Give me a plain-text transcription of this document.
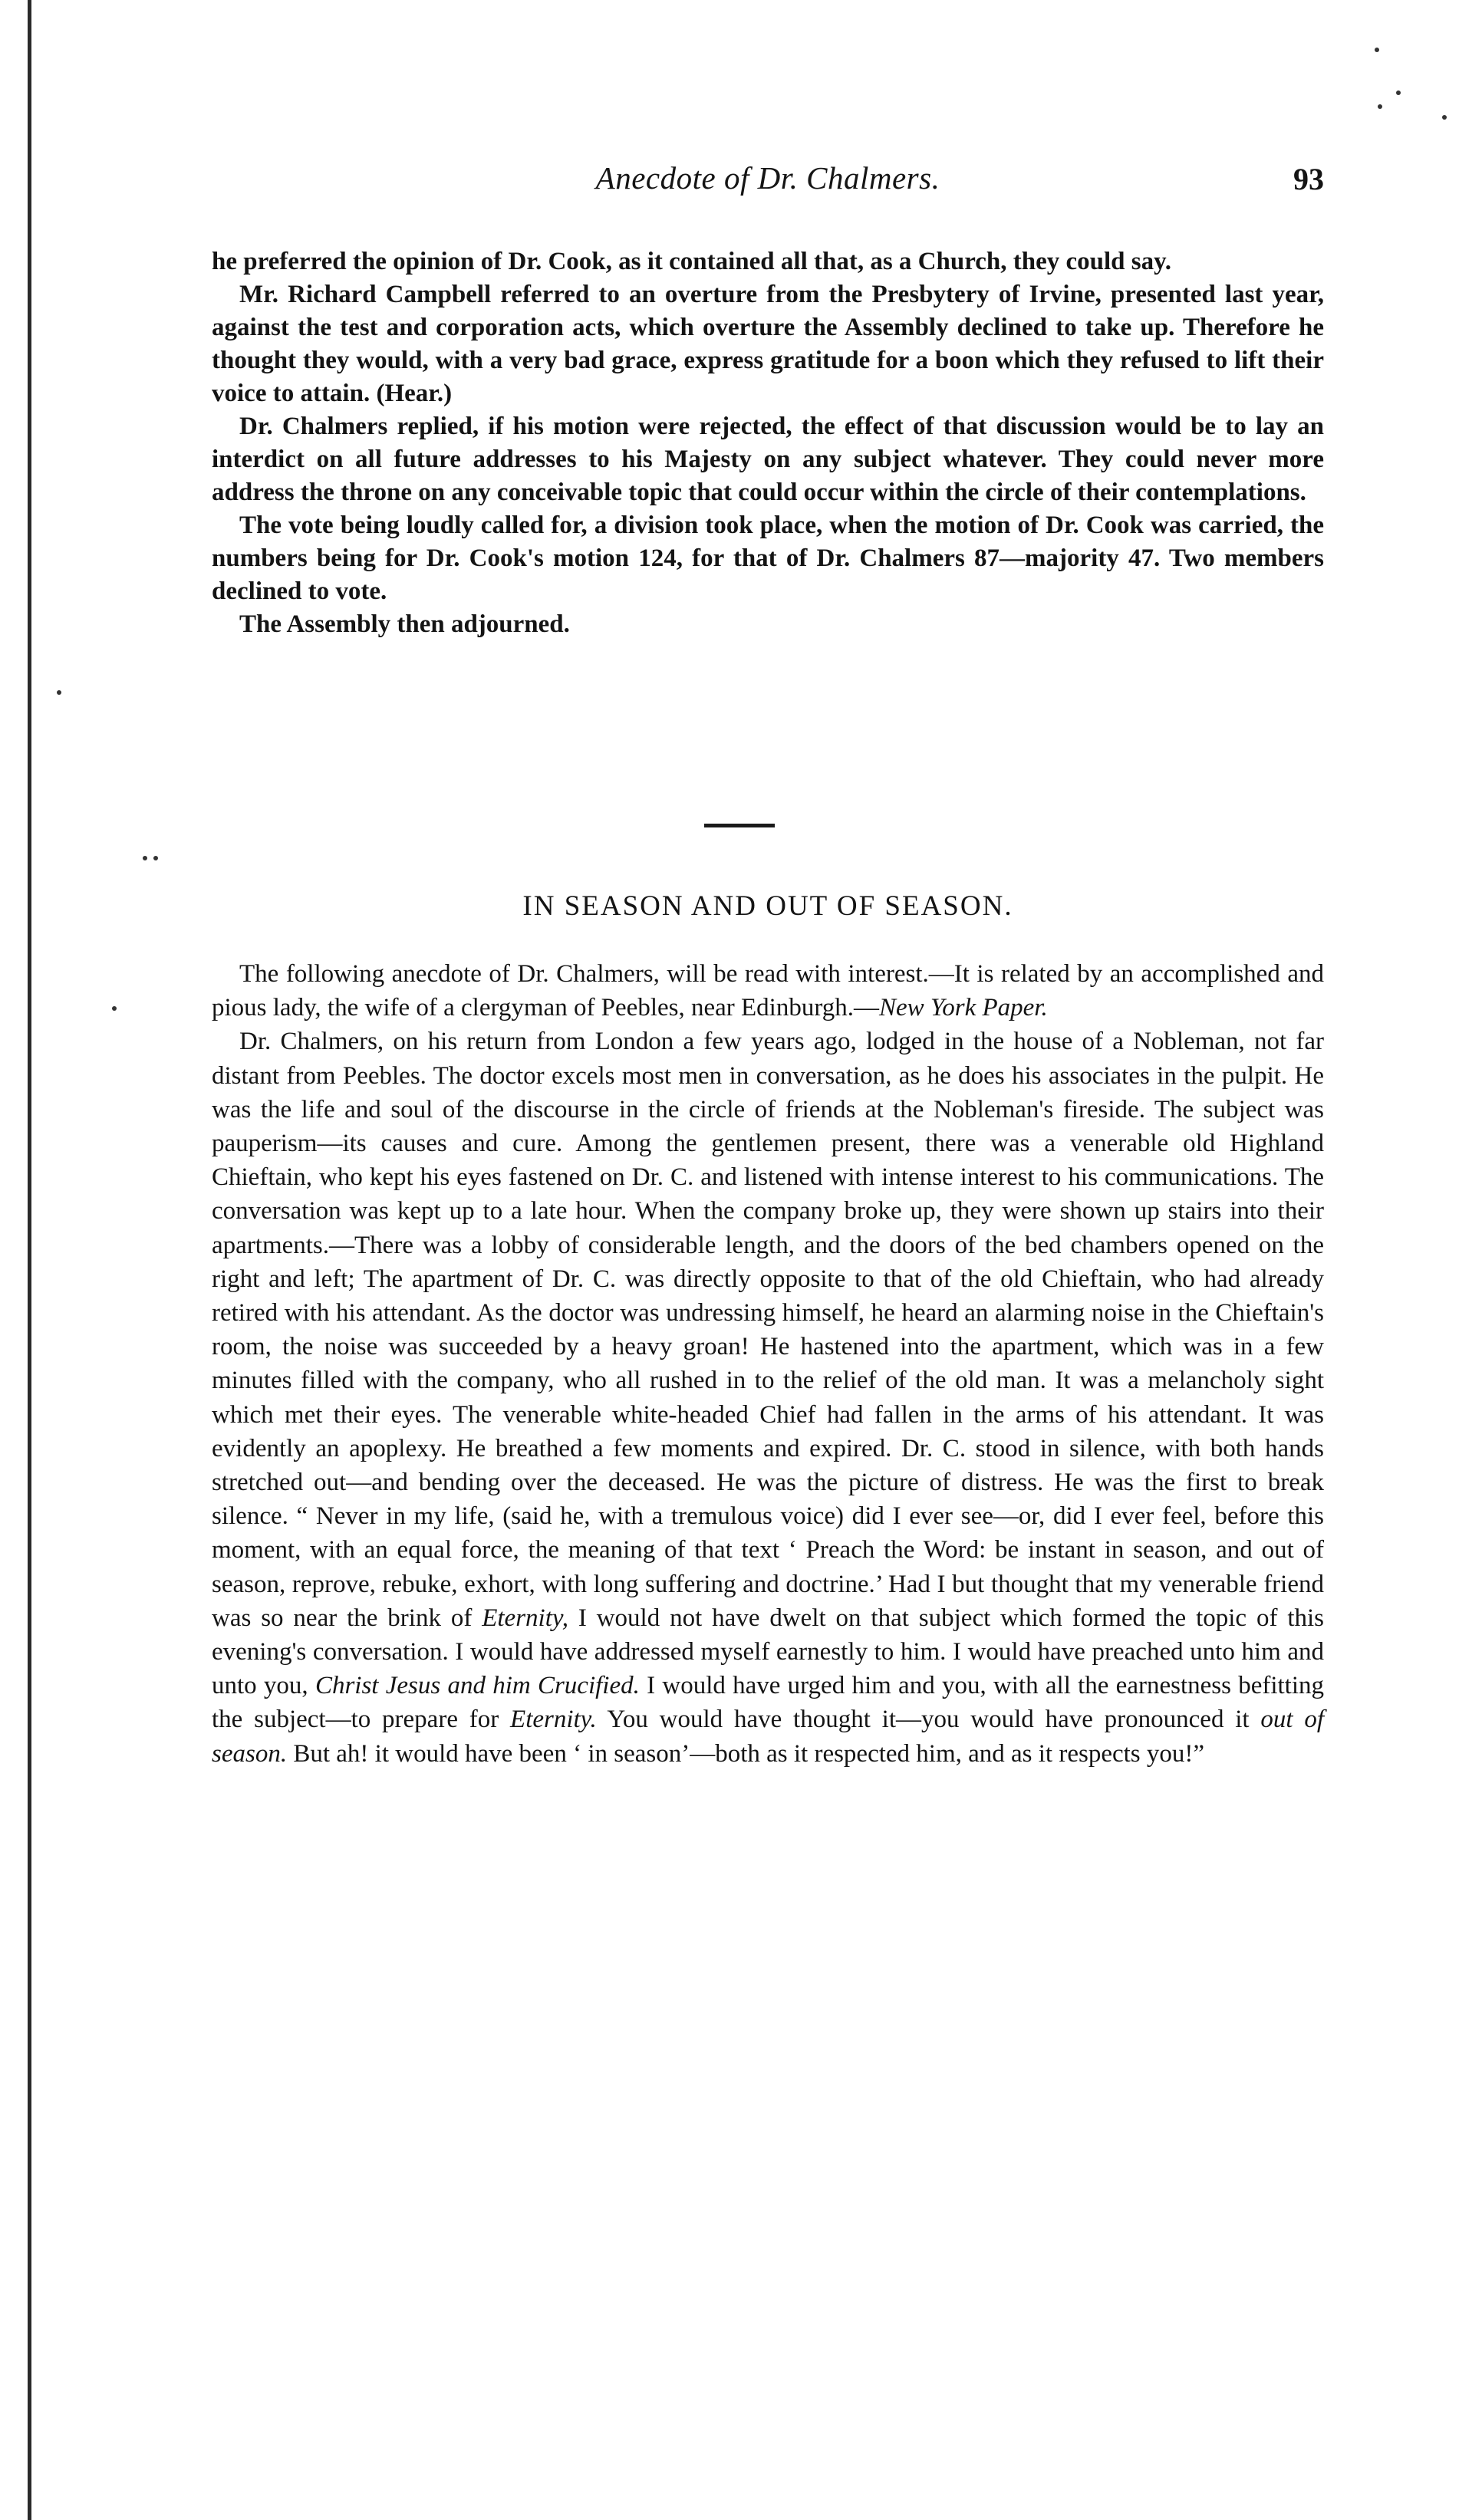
Anecdote of Dr. Chalmers.	93

he preferred the opinion of Dr. Cook, as it contained all that, as a Church, they could say.

Mr. Richard Campbell referred to an overture from the Presbytery of Irvine, presented last year, against the test and corporation acts, which overture the Assembly declined to take up. Therefore he thought they would, with a very bad grace, express gratitude for a boon which they refused to lift their voice to attain. (Hear.)

Dr. Chalmers replied, if his motion were rejected, the effect of that discussion would be to lay an interdict on all future addresses to his Majesty on any subject whatever. They could never more address the throne on any conceivable topic that could occur within the circle of their contemplations.

The vote being loudly called for, a division took place, when the motion of Dr. Cook was carried, the numbers being for Dr. Cook's motion 124, for that of Dr. Chalmers 87—majority 47. Two members declined to vote.

The Assembly then adjourned.

IN SEASON AND OUT OF SEASON.

The following anecdote of Dr. Chalmers, will be read with interest.—It is related by an accomplished and pious lady, the wife of a clergyman of Peebles, near Edinburgh.—New York Paper.

Dr. Chalmers, on his return from London a few years ago, lodged in the house of a Nobleman, not far distant from Peebles. The doctor excels most men in conversation, as he does his associates in the pulpit. He was the life and soul of the discourse in the circle of friends at the Nobleman's fireside. The subject was pauperism—its causes and cure. Among the gentlemen present, there was a venerable old Highland Chieftain, who kept his eyes fastened on Dr. C. and listened with intense interest to his communications. The conversation was kept up to a late hour. When the company broke up, they were shown up stairs into their apartments.—There was a lobby of considerable length, and the doors of the bed chambers opened on the right and left; The apartment of Dr. C. was directly opposite to that of the old Chieftain, who had already retired with his attendant. As the doctor was undressing himself, he heard an alarming noise in the Chieftain's room, the noise was succeeded by a heavy groan! He hastened into the apartment, which was in a few minutes filled with the company, who all rushed in to the relief of the old man. It was a melancholy sight which met their eyes. The venerable white-headed Chief had fallen in the arms of his attendant. It was evidently an apoplexy. He breathed a few moments and expired. Dr. C. stood in silence, with both hands stretched out—and bending over the deceased. He was the picture of distress. He was the first to break silence. “ Never in my life, (said he, with a tremulous voice) did I ever see—or, did I ever feel, before this moment, with an equal force, the meaning of that text ‘ Preach the Word: be instant in season, and out of season, reprove, rebuke, exhort, with long suffering and doctrine.’ Had I but thought that my venerable friend was so near the brink of Eternity, I would not have dwelt on that subject which formed the topic of this evening's conversation. I would have addressed myself earnestly to him. I would have preached unto him and unto you, Christ Jesus and him Crucified. I would have urged him and you, with all the earnestness befitting the subject—to prepare for Eternity. You would have thought it—you would have pronounced it out of season. But ah! it would have been ‘ in season’—both as it respected him, and as it respects you!”
